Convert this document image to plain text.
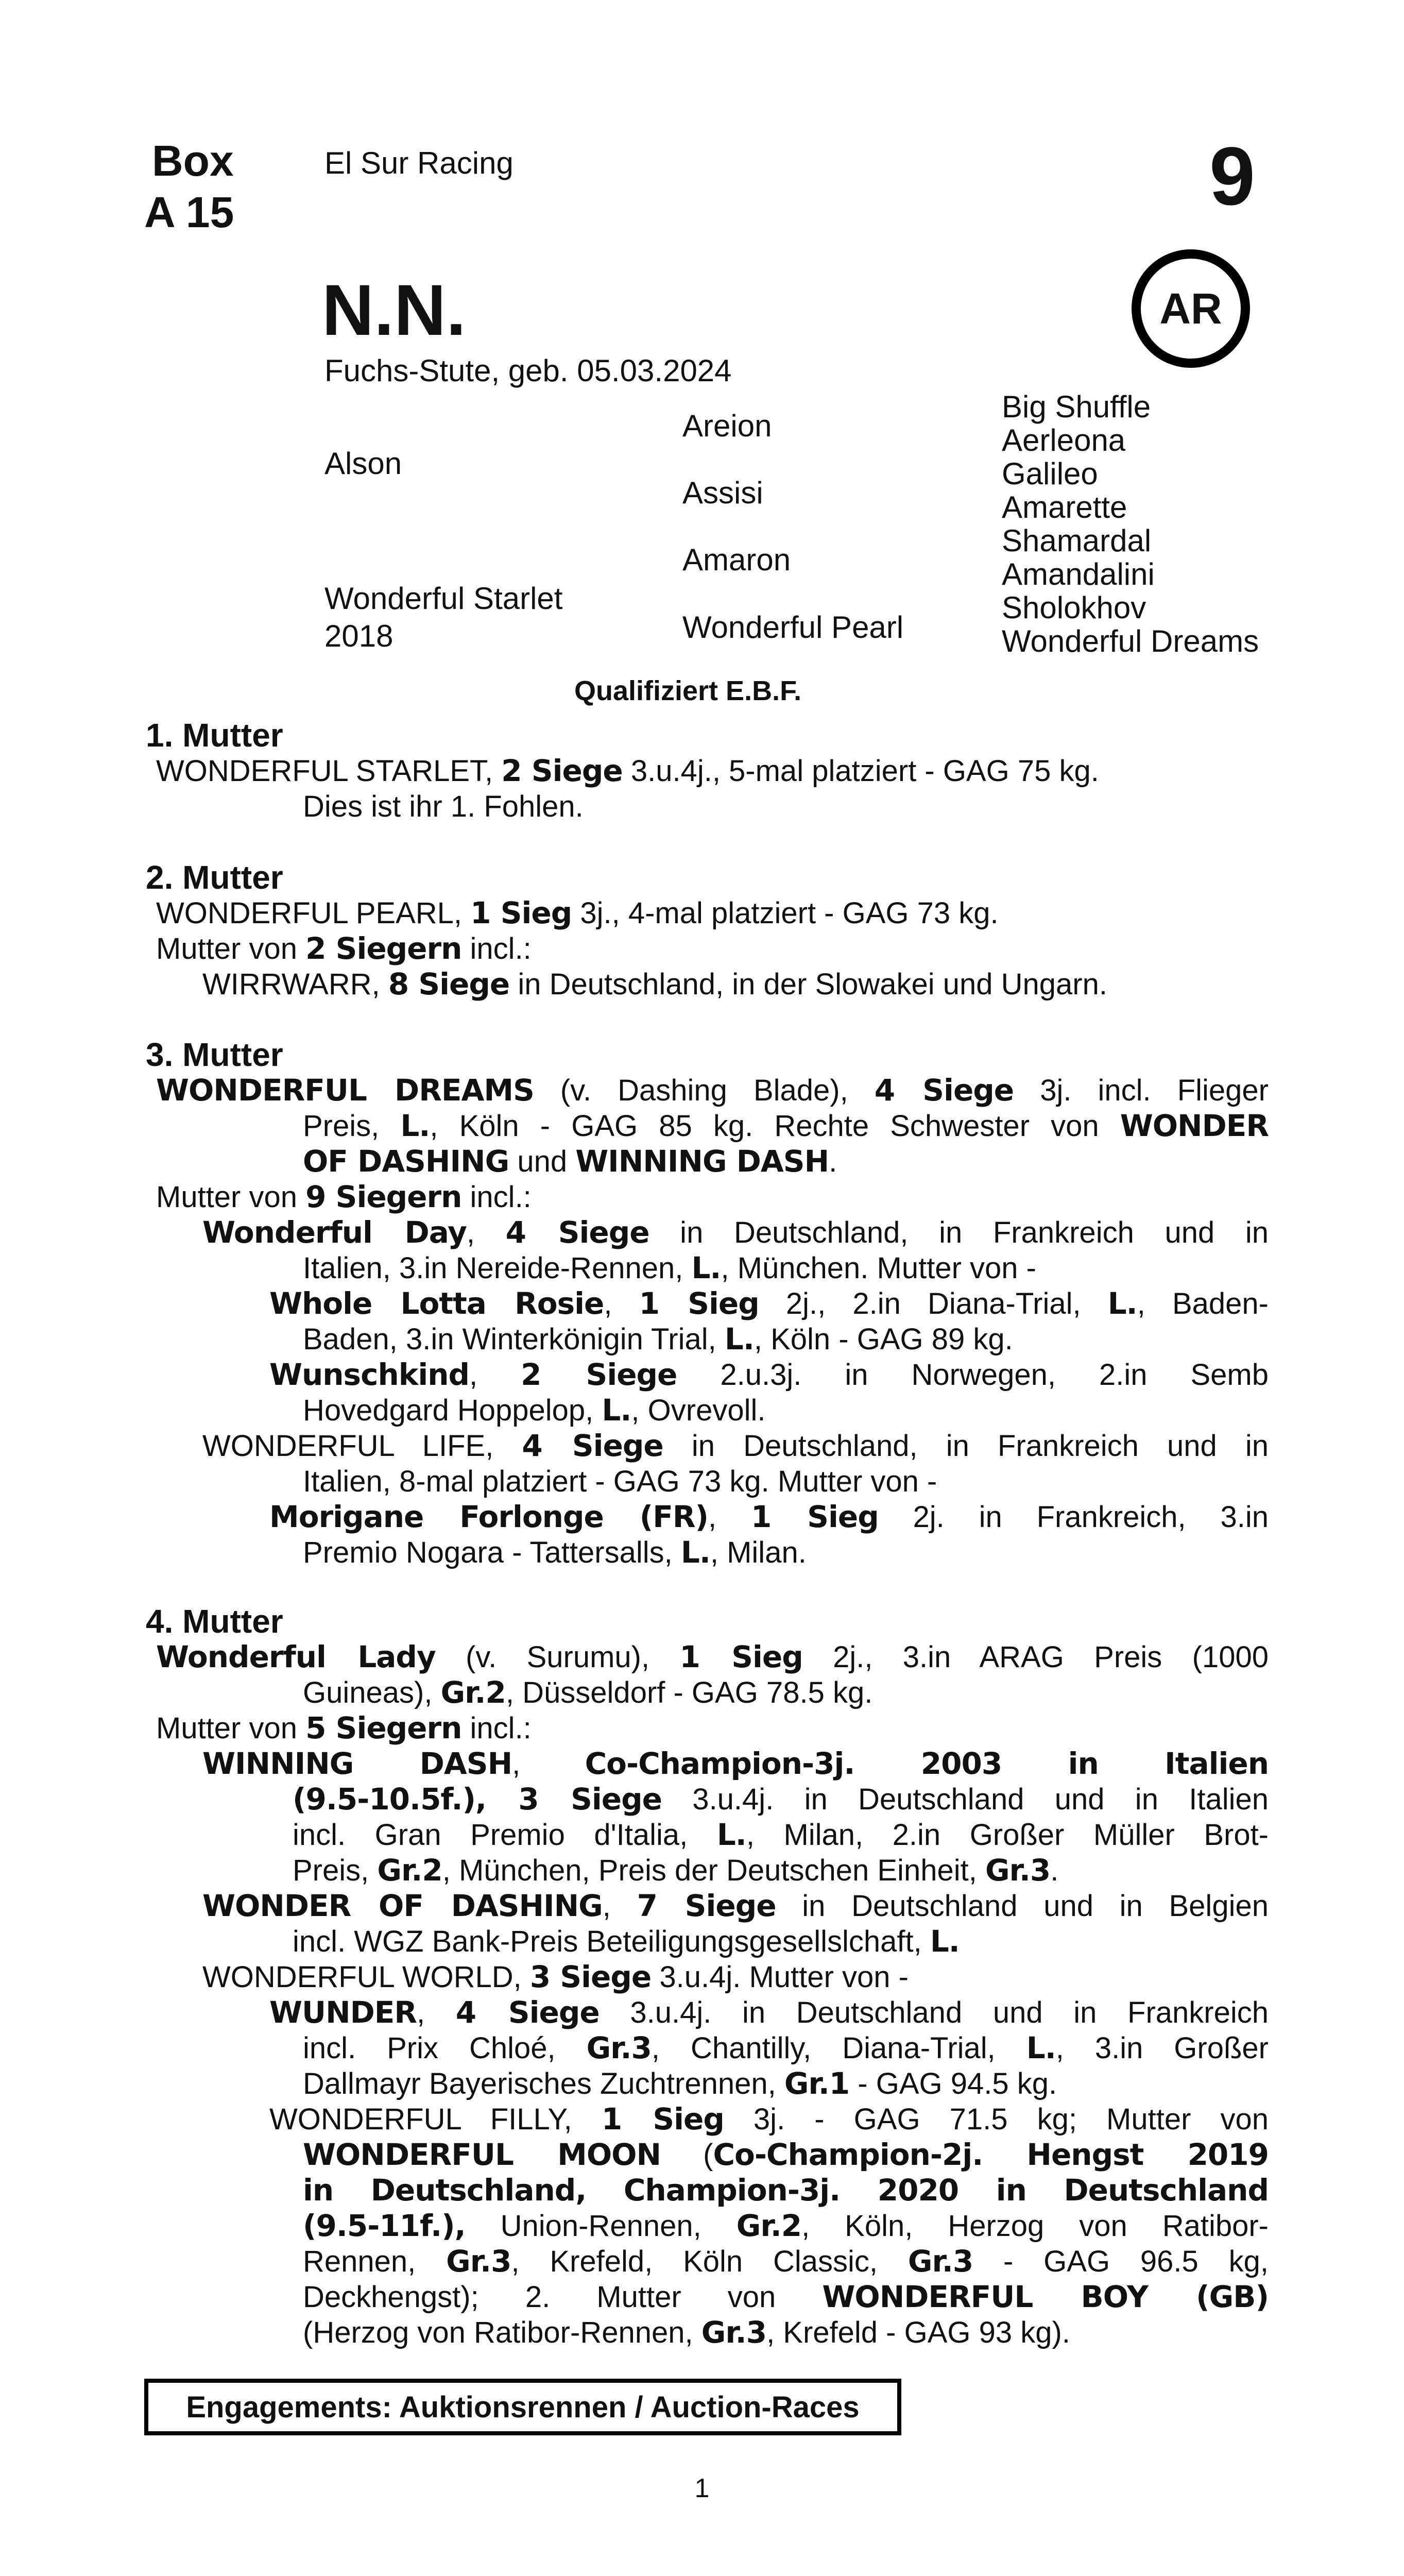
Box
A 15
El Sur Racing	9
AR
N.N.
Fuchs-Stute, geb. 05.03.2024
Alson
Wonderful Starlet
2018
Areion
Assisi
Amaron
Wonderful Pearl
Big Shuffle
Aerleona
Galileo
Amarette
Shamardal
Amandalini
Sholokhov
Wonderful Dreams
Qualifiziert E.B.F.
1. Mutter

WONDERFUL STARLET, 2 Siege 3.u.4j., 5-mal platziert - GAG 75 kg.

Dies ist ihr 1. Fohlen.

2. Mutter

WONDERFUL PEARL, 1 Sieg 3j., 4-mal platziert - GAG 73 kg.

Mutter von 2 Siegern incl.:

WIRRWARR, 8 Siege in Deutschland, in der Slowakei und Ungarn.

3. Mutter

WONDERFUL DREAMS (v. Dashing Blade), 4 Siege 3j. incl. Flieger

Preis, L., Köln - GAG 85 kg. Rechte Schwester von WONDER

OF DASHING und WINNING DASH.

Mutter von 9 Siegern incl.:

Wonderful Day, 4 Siege in Deutschland, in Frankreich und in

Italien, 3.in Nereide-Rennen, L., München. Mutter von -

Whole Lotta Rosie, 1 Sieg 2j., 2.in Diana-Trial, L., Baden-

Baden, 3.in Winterkönigin Trial, L., Köln - GAG 89 kg.

Wunschkind, 2 Siege 2.u.3j. in Norwegen, 2.in Semb

Hovedgard Hoppelop, L., Ovrevoll.

WONDERFUL LIFE, 4 Siege in Deutschland, in Frankreich und in

Italien, 8-mal platziert - GAG 73 kg. Mutter von -

Morigane Forlonge (FR), 1 Sieg 2j. in Frankreich, 3.in

Premio Nogara - Tattersalls, L., Milan.

4. Mutter

Wonderful Lady (v. Surumu), 1 Sieg 2j., 3.in ARAG Preis (1000

Guineas), Gr.2, Düsseldorf - GAG 78.5 kg.

Mutter von 5 Siegern incl.:

WINNING DASH, Co-Champion-3j. 2003 in Italien

(9.5-10.5f.), 3 Siege 3.u.4j. in Deutschland und in Italien

incl. Gran Premio d'Italia, L., Milan, 2.in Großer Müller Brot-

Preis, Gr.2, München, Preis der Deutschen Einheit, Gr.3.

WONDER OF DASHING, 7 Siege in Deutschland und in Belgien

incl. WGZ Bank-Preis Beteiligungsgesellslchaft, L.

WONDERFUL WORLD, 3 Siege 3.u.4j. Mutter von -

WUNDER, 4 Siege 3.u.4j. in Deutschland und in Frankreich

incl. Prix Chloé, Gr.3, Chantilly, Diana-Trial, L., 3.in Großer

Dallmayr Bayerisches Zuchtrennen, Gr.1 - GAG 94.5 kg.

WONDERFUL FILLY, 1 Sieg 3j. - GAG 71.5 kg; Mutter von

WONDERFUL MOON (Co-Champion-2j. Hengst 2019

in Deutschland, Champion-3j. 2020 in Deutschland

(9.5-11f.), Union-Rennen, Gr.2, Köln, Herzog von Ratibor-

Rennen, Gr.3, Krefeld, Köln Classic, Gr.3 - GAG 96.5 kg,

Deckhengst); 2. Mutter von WONDERFUL BOY (GB)

(Herzog von Ratibor-Rennen, Gr.3, Krefeld - GAG 93 kg).

Engagements: Auktionsrennen / Auction-Races
1
